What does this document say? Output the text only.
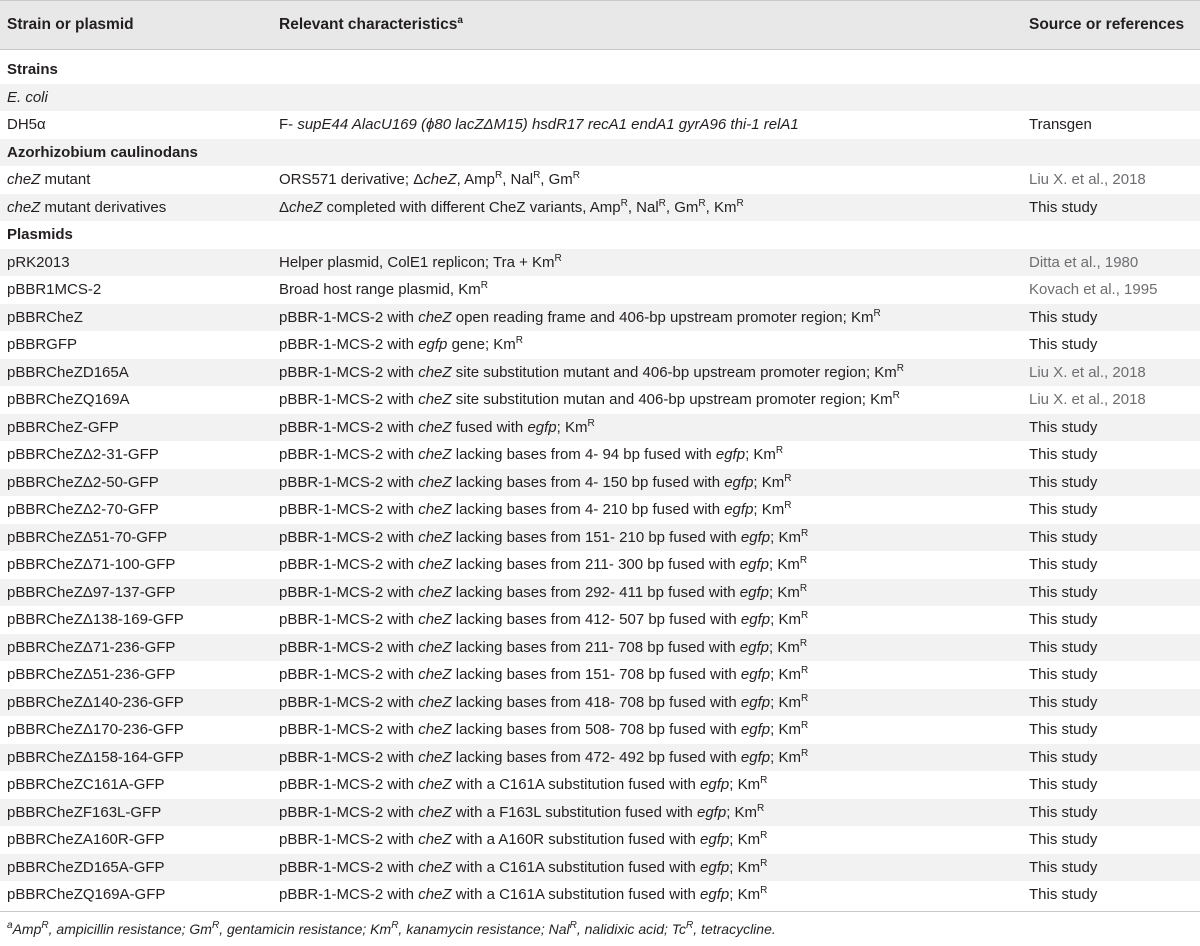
Strain or plasmid	Relevant characteristics$^a$	Source or references
Strains
E. coli
DH5α	F- supE44 AlacU169 (ϕ80 lacZΔM15) hsdR17 recA1 endA1 gyrA96 thi-1 relA1	Transgen
Azorhizobium caulinodans
cheZ mutant	ORS571 derivative; ΔcheZ, Amp$^R$, Nal$^R$, $Gm^R$	Liu X. et al., 2018
cheZ mutant derivatives	ΔcheZ completed with different CheZ variants, Amp$^R$, Nal$^R$, $Gm^R$, $Km^R$	This study
Plasmids
pRK2013	Helper plasmid, ColE1 replicon; Tra + $Km^R$	Ditta et al., 1980
pBBR1MCS-2	Broad host range plasmid, $Km^R$	Kovach et al., 1995
pBBRCheZ	pBBR-1-MCS-2 with cheZ open reading frame and 406-bp upstream promoter region; $Km^R$	This study
pBBRGFP	pBBR-1-MCS-2 with egfp gene; $Km^R$	This study
pBBRCheZD165A	pBBR-1-MCS-2 with cheZ site substitution mutant and 406-bp upstream promoter region; $Km^R$	Liu X. et al., 2018
pBBRCheZQ169A	pBBR-1-MCS-2 with cheZ site substitution mutan and 406-bp upstream promoter region; $Km^R$	Liu X. et al., 2018
pBBRCheZ-GFP	pBBR-1-MCS-2 with cheZ fused with egfp; $Km^R$	This study
pBBRCheZΔ2-31-GFP	pBBR-1-MCS-2 with cheZ lacking bases from 4- 94 bp fused with egfp; $Km^R$	This study
pBBRCheZΔ2-50-GFP	pBBR-1-MCS-2 with cheZ lacking bases from 4- 150 bp fused with egfp; $Km^R$	This study
pBBRCheZΔ2-70-GFP	pBBR-1-MCS-2 with cheZ lacking bases from 4- 210 bp fused with egfp; $Km^R$	This study
pBBRCheZΔ51-70-GFP	pBBR-1-MCS-2 with cheZ lacking bases from 151- 210 bp fused with egfp; $Km^R$	This study
pBBRCheZΔ71-100-GFP	pBBR-1-MCS-2 with cheZ lacking bases from 211- 300 bp fused with egfp; $Km^R$	This study
pBBRCheZΔ97-137-GFP	pBBR-1-MCS-2 with cheZ lacking bases from 292- 411 bp fused with egfp; $Km^R$	This study
pBBRCheZΔ138-169-GFP	pBBR-1-MCS-2 with cheZ lacking bases from 412- 507 bp fused with egfp; $Km^R$	This study
pBBRCheZΔ71-236-GFP	pBBR-1-MCS-2 with cheZ lacking bases from 211- 708 bp fused with egfp; $Km^R$	This study
pBBRCheZΔ51-236-GFP	pBBR-1-MCS-2 with cheZ lacking bases from 151- 708 bp fused with egfp; $Km^R$	This study
pBBRCheZΔ140-236-GFP	pBBR-1-MCS-2 with cheZ lacking bases from 418- 708 bp fused with egfp; $Km^R$	This study
pBBRCheZΔ170-236-GFP	pBBR-1-MCS-2 with cheZ lacking bases from 508- 708 bp fused with egfp; $Km^R$	This study
pBBRCheZΔ158-164-GFP	pBBR-1-MCS-2 with cheZ lacking bases from 472- 492 bp fused with egfp; $Km^R$	This study
pBBRCheZC161A-GFP	pBBR-1-MCS-2 with cheZ with a C161A substitution fused with egfp; $Km^R$	This study
pBBRCheZF163L-GFP	pBBR-1-MCS-2 with cheZ with a F163L substitution fused with egfp; $Km^R$	This study
pBBRCheZA160R-GFP	pBBR-1-MCS-2 with cheZ with a A160R substitution fused with egfp; $Km^R$	This study
pBBRCheZD165A-GFP	pBBR-1-MCS-2 with cheZ with a C161A substitution fused with egfp; $Km^R$	This study
pBBRCheZQ169A-GFP	pBBR-1-MCS-2 with cheZ with a C161A substitution fused with egfp; $Km^R$	This study
$^a$Amp$^R$, ampicillin resistance; $Gm^R$, gentamicin resistance; $Km^R$, kanamycin resistance; Nal$^R$, nalidixic acid; $Tc^R$, tetracycline.
